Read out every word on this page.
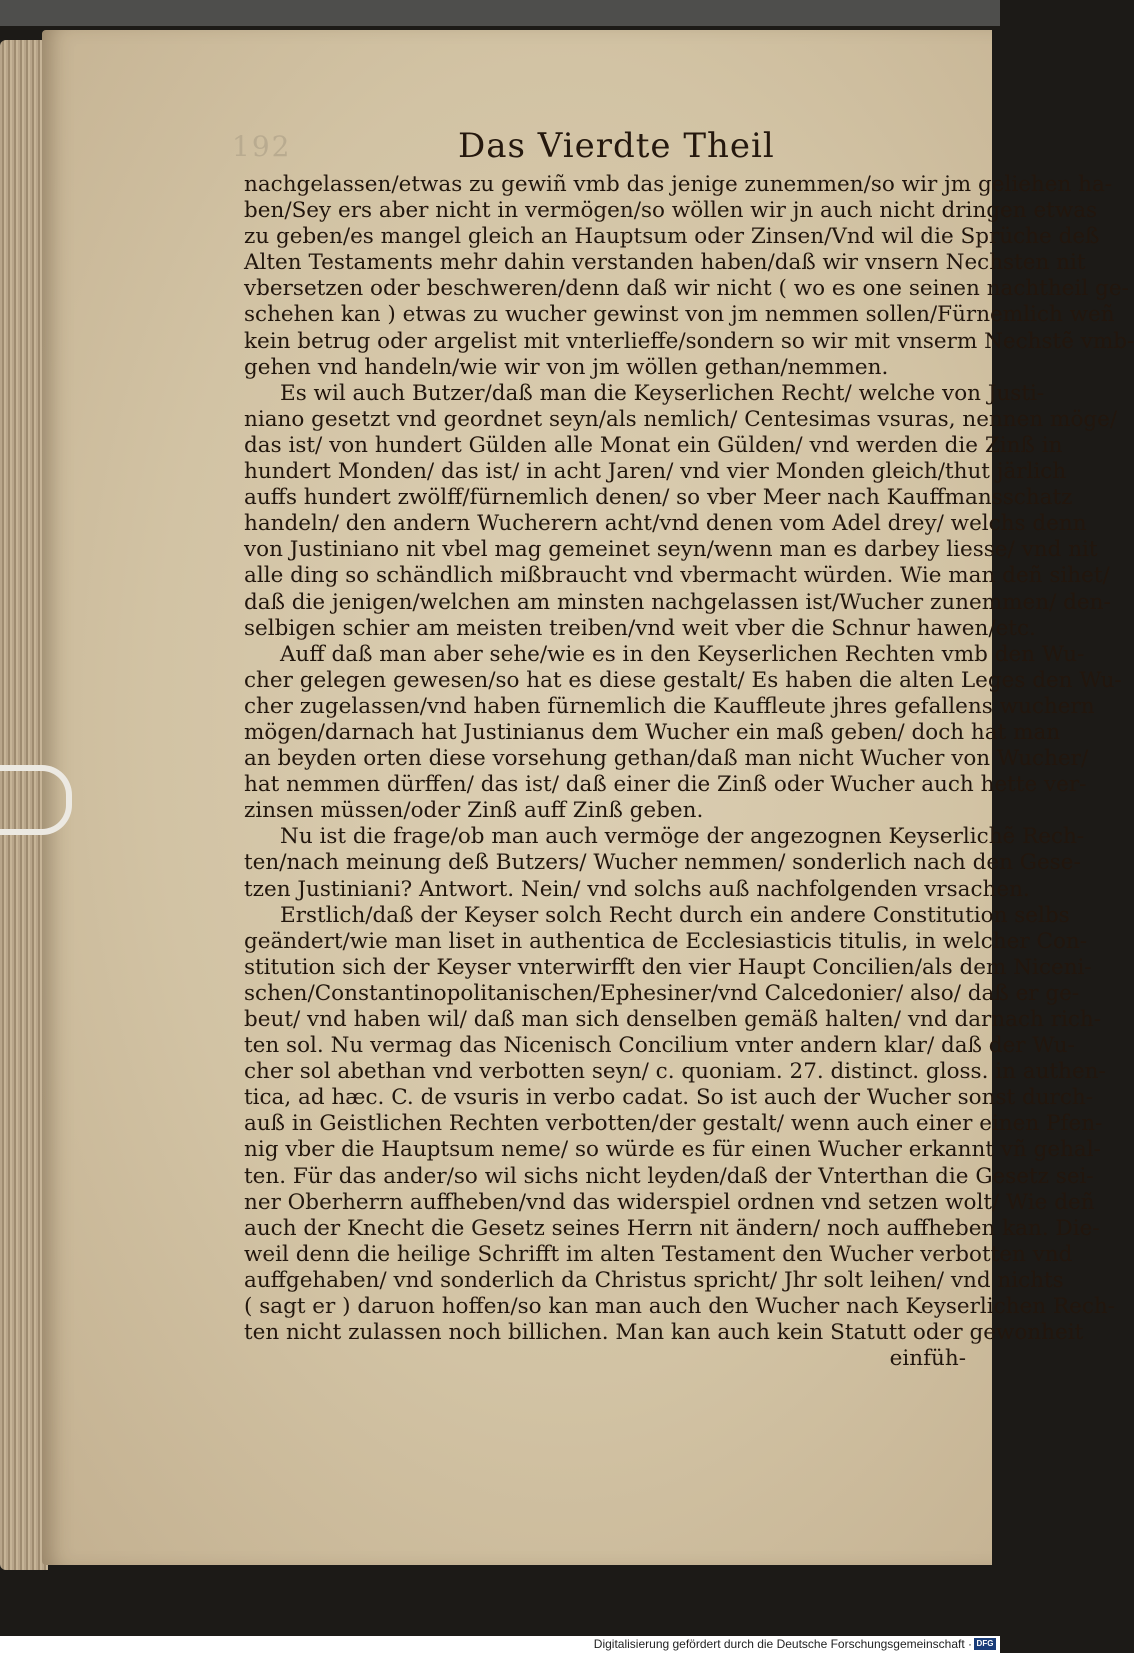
192	Das Vierdte Theil
nachgelassen/etwas zu gewiñ vmb das jenige zunemmen/so wir jm geliehen ha-
ben/Sey ers aber nicht in vermögen/so wöllen wir jn auch nicht dringen etwas
zu geben/es mangel gleich an Hauptsum oder Zinsen/Vnd wil die Sprüche deß
Alten Testaments mehr dahin verstanden haben/daß wir vnsern Nechsten nit
vbersetzen oder beschweren/denn daß wir nicht ( wo es one seinen nachtheil ge-
schehen kan ) etwas zu wucher gewinst von jm nemmen sollen/Fürnemlich weñ
kein betrug oder argelist mit vnterlieffe/sondern so wir mit vnserm Nechstẽ vmb-
gehen vnd handeln/wie wir von jm wöllen gethan/nemmen.
Es wil auch Butzer/daß man die Keyserlichen Recht/ welche von Justi-
niano gesetzt vnd geordnet seyn/als nemlich/ Centesimas vsuras, nennen möge/
das ist/ von hundert Gülden alle Monat ein Gülden/ vnd werden die Zinß in
hundert Monden/ das ist/ in acht Jaren/ vnd vier Monden gleich/thut järlich
auffs hundert zwölff/fürnemlich denen/ so vber Meer nach Kauffmansschatz
handeln/ den andern Wucherern acht/vnd denen vom Adel drey/ welchs denn
von Justiniano nit vbel mag gemeinet seyn/wenn man es darbey liesse/ vnd nit
alle ding so schändlich mißbraucht vnd vbermacht würden. Wie man deñ sihet/
daß die jenigen/welchen am minsten nachgelassen ist/Wucher zunemmen/ den-
selbigen schier am meisten treiben/vnd weit vber die Schnur hawen/etc.
Auff daß man aber sehe/wie es in den Keyserlichen Rechten vmb den Wu-
cher gelegen gewesen/so hat es diese gestalt/ Es haben die alten Leges den Wu-
cher zugelassen/vnd haben fürnemlich die Kauffleute jhres gefallens wuchern
mögen/darnach hat Justinianus dem Wucher ein maß geben/ doch hat man
an beyden orten diese vorsehung gethan/daß man nicht Wucher von Wucher/
hat nemmen dürffen/ das ist/ daß einer die Zinß oder Wucher auch hette ver-
zinsen müssen/oder Zinß auff Zinß geben.
Nu ist die frage/ob man auch vermöge der angezognen Keyserlichẽ Rech-
ten/nach meinung deß Butzers/ Wucher nemmen/ sonderlich nach den Gese-
tzen Justiniani? Antwort. Nein/ vnd solchs auß nachfolgenden vrsachen.
Erstlich/daß der Keyser solch Recht durch ein andere Constitution selbs
geändert/wie man liset in authentica de Ecclesiasticis titulis, in welcher Con-
stitution sich der Keyser vnterwirfft den vier Haupt Concilien/als dem Niceni-
schen/Constantinopolitanischen/Ephesiner/vnd Calcedonier/ also/ daß er ge-
beut/ vnd haben wil/ daß man sich denselben gemäß halten/ vnd darnach rich-
ten sol. Nu vermag das Nicenisch Concilium vnter andern klar/ daß der Wu-
cher sol abethan vnd verbotten seyn/ c. quoniam. 27. distinct. gloss. in authen-
tica, ad hæc. C. de vsuris in verbo cadat. So ist auch der Wucher sonst durch-
auß in Geistlichen Rechten verbotten/der gestalt/ wenn auch einer einen Pfen-
nig vber die Hauptsum neme/ so würde es für einen Wucher erkannt vñ gehal-
ten. Für das ander/so wil sichs nicht leyden/daß der Vnterthan die Gesetz sei-
ner Oberherrn auffheben/vnd das widerspiel ordnen vnd setzen wolt/ Wie deñ
auch der Knecht die Gesetz seines Herrn nit ändern/ noch auffheben kan. Die-
weil denn die heilige Schrifft im alten Testament den Wucher verbotten vnd
auffgehaben/ vnd sonderlich da Christus spricht/ Jhr solt leihen/ vnd nichts
( sagt er ) daruon hoffen/so kan man auch den Wucher nach Keyserlichen Rech-
ten nicht zulassen noch billichen. Man kan auch kein Statutt oder gewonheit
einfüh-
Digitalisierung gefördert durch die Deutsche Forschungsgemeinschaft · DFG
